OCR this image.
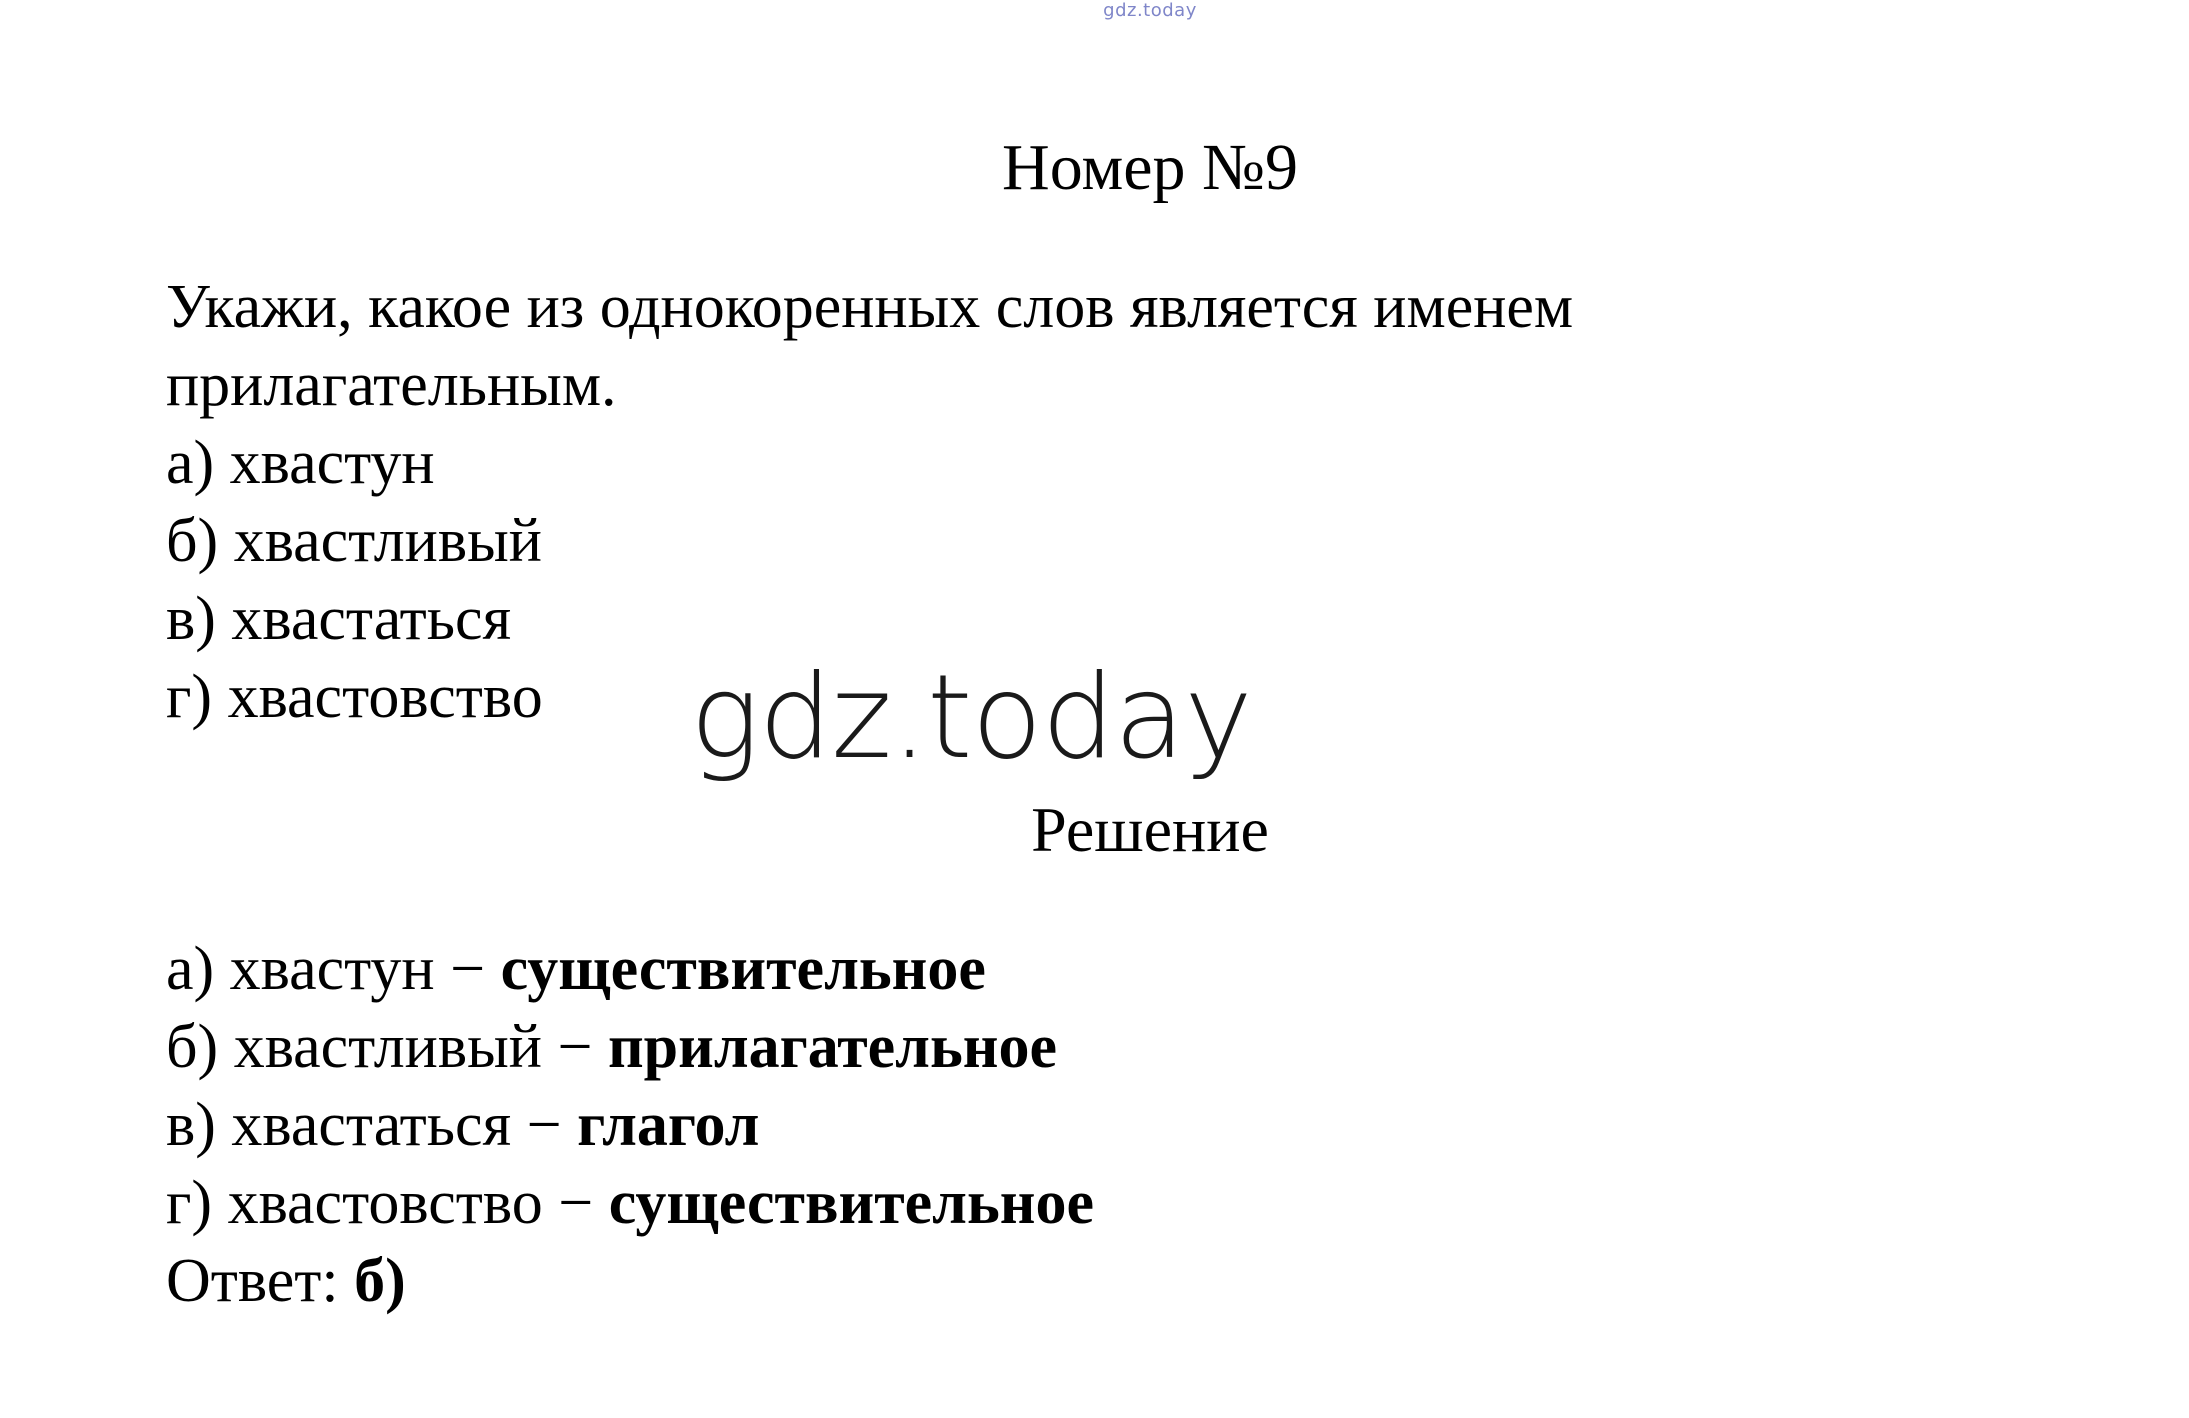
gdz.today
Номер №9
Укажи, какое из однокоренных слов является именем
прилагательным.
а) хвастун
б) хвастливый
в) хвастаться
г) хвастовство	gdz.today
Решение
а) хвастун − существительное
б) хвастливый − прилагательное
в) хвастаться − глагол
г) хвастовство − существительное
Ответ: б)
